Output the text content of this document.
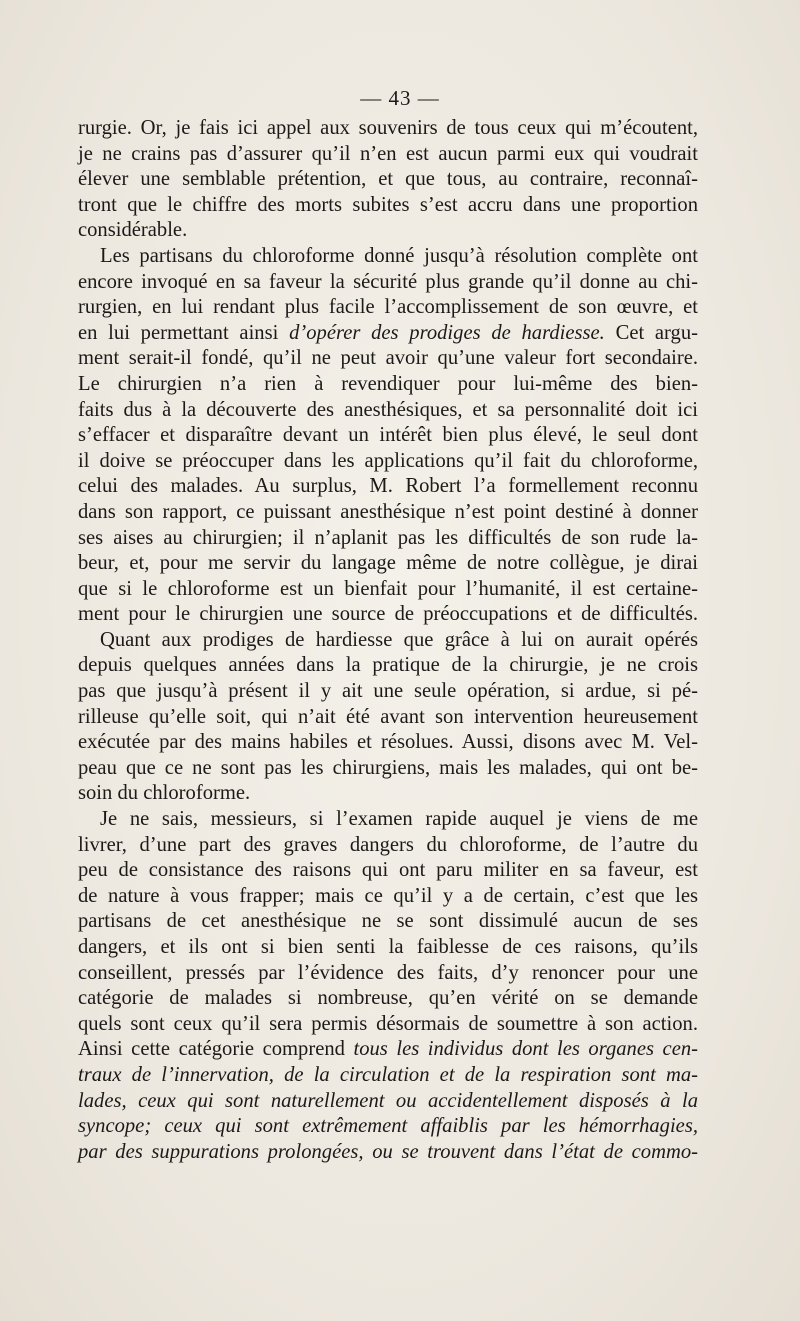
— 43 —
rurgie. Or, je fais ici appel aux souvenirs de tous ceux qui m’écoutent,
je ne crains pas d’assurer qu’il n’en est aucun parmi eux qui voudrait
élever une semblable prétention, et que tous, au contraire, reconnaî-
tront que le chiffre des morts subites s’est accru dans une proportion
considérable.
Les partisans du chloroforme donné jusqu’à résolution complète ont
encore invoqué en sa faveur la sécurité plus grande qu’il donne au chi-
rurgien, en lui rendant plus facile l’accomplissement de son œuvre, et
en lui permettant ainsi d’opérer des prodiges de hardiesse. Cet argu-
ment serait-il fondé, qu’il ne peut avoir qu’une valeur fort secondaire.
Le chirurgien n’a rien à revendiquer pour lui-même des bien-
faits dus à la découverte des anesthésiques, et sa personnalité doit ici
s’effacer et disparaître devant un intérêt bien plus élevé, le seul dont
il doive se préoccuper dans les applications qu’il fait du chloroforme,
celui des malades. Au surplus, M. Robert l’a formellement reconnu
dans son rapport, ce puissant anesthésique n’est point destiné à donner
ses aises au chirurgien; il n’aplanit pas les difficultés de son rude la-
beur, et, pour me servir du langage même de notre collègue, je dirai
que si le chloroforme est un bienfait pour l’humanité, il est certaine-
ment pour le chirurgien une source de préoccupations et de difficultés.
Quant aux prodiges de hardiesse que grâce à lui on aurait opérés
depuis quelques années dans la pratique de la chirurgie, je ne crois
pas que jusqu’à présent il y ait une seule opération, si ardue, si pé-
rilleuse qu’elle soit, qui n’ait été avant son intervention heureusement
exécutée par des mains habiles et résolues. Aussi, disons avec M. Vel-
peau que ce ne sont pas les chirurgiens, mais les malades, qui ont be-
soin du chloroforme.
Je ne sais, messieurs, si l’examen rapide auquel je viens de me
livrer, d’une part des graves dangers du chloroforme, de l’autre du
peu de consistance des raisons qui ont paru militer en sa faveur, est
de nature à vous frapper; mais ce qu’il y a de certain, c’est que les
partisans de cet anesthésique ne se sont dissimulé aucun de ses
dangers, et ils ont si bien senti la faiblesse de ces raisons, qu’ils
conseillent, pressés par l’évidence des faits, d’y renoncer pour une
catégorie de malades si nombreuse, qu’en vérité on se demande
quels sont ceux qu’il sera permis désormais de soumettre à son action.
Ainsi cette catégorie comprend tous les individus dont les organes cen-
traux de l’innervation, de la circulation et de la respiration sont ma-
lades, ceux qui sont naturellement ou accidentellement disposés à la
syncope; ceux qui sont extrêmement affaiblis par les hémorrhagies,
par des suppurations prolongées, ou se trouvent dans l’état de commo-
